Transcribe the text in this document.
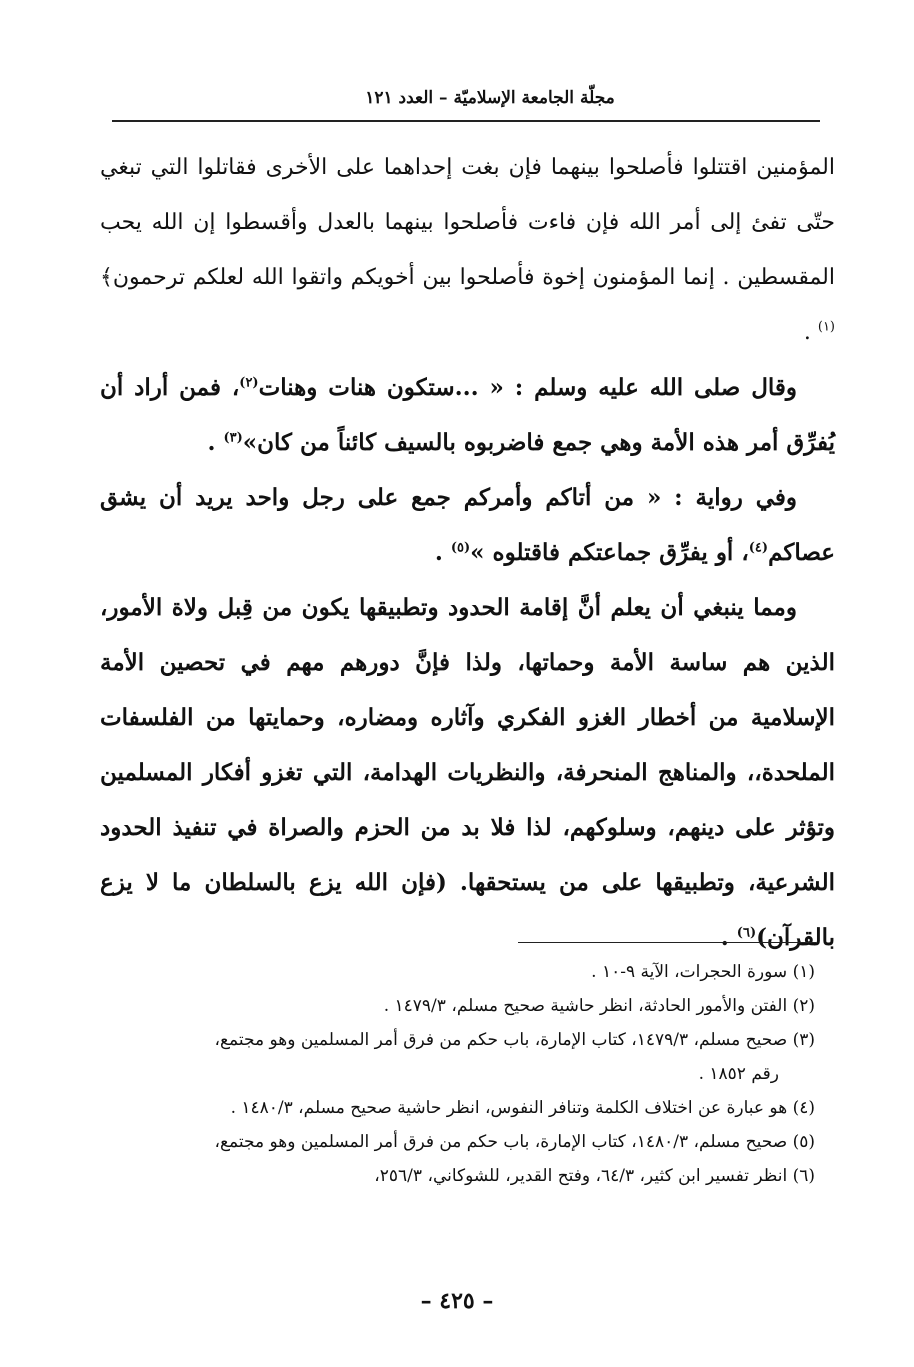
مجلّة الجامعة الإسلاميّة – العدد ١٢١

المؤمنين اقتتلوا فأصلحوا بينهما فإن بغت إحداهما على الأخرى فقاتلوا التي تبغي حتّى تفئ إلى أمر الله فإن فاءت فأصلحوا بينهما بالعدل وأقسطوا إن الله يحب المقسطين . إنما المؤمنون إخوة فأصلحوا بين أخويكم واتقوا الله لعلكم ترحمون﴾$^{(١)}$ .

وقال صلى الله عليه وسلم : « ...ستكون هنات وهنات$^{(٢)}$، فمن أراد أن يُفرِّق أمر هذه الأمة وهي جمع فاضربوه بالسيف كائناً من كان»$^{(٣)}$ .

وفي رواية : « من أتاكم وأمركم جمع على رجل واحد يريد أن يشق عصاكم$^{(٤)}$، أو يفرِّق جماعتكم فاقتلوه »$^{(٥)}$ .

ومما ينبغي أن يعلم أنَّ إقامة الحدود وتطبيقها يكون من قِبل ولاة الأمور، الذين هم ساسة الأمة وحماتها، ولذا فإنَّ دورهم مهم في تحصين الأمة الإسلامية من أخطار الغزو الفكري وآثاره ومضاره، وحمايتها من الفلسفات الملحدة،، والمناهج المنحرفة، والنظريات الهدامة، التي تغزو أفكار المسلمين وتؤثر على دينهم، وسلوكهم، لذا فلا بد من الحزم والصراة في تنفيذ الحدود الشرعية، وتطبيقها على من يستحقها. (فإن الله يزع بالسلطان ما لا يزع بالقرآن)$^{(٦)}$ .

(١) سورة الحجرات، الآية ٩-١٠ .

(٢) الفتن والأمور الحادثة، انظر حاشية صحيح مسلم، ١٤٧٩/٣ .

(٣) صحيح مسلم، ١٤٧٩/٣، كتاب الإمارة، باب حكم من فرق أمر المسلمين وهو مجتمع،

رقم ١٨٥٢ .

(٤) هو عبارة عن اختلاف الكلمة وتنافر النفوس، انظر حاشية صحيح مسلم، ١٤٨٠/٣ .

(٥) صحيح مسلم، ١٤٨٠/٣، كتاب الإمارة، باب حكم من فرق أمر المسلمين وهو مجتمع،

(٦) انظر تفسير ابن كثير، ٦٤/٣، وفتح القدير، للشوكاني، ٢٥٦/٣،

– ٤٢٥ –
